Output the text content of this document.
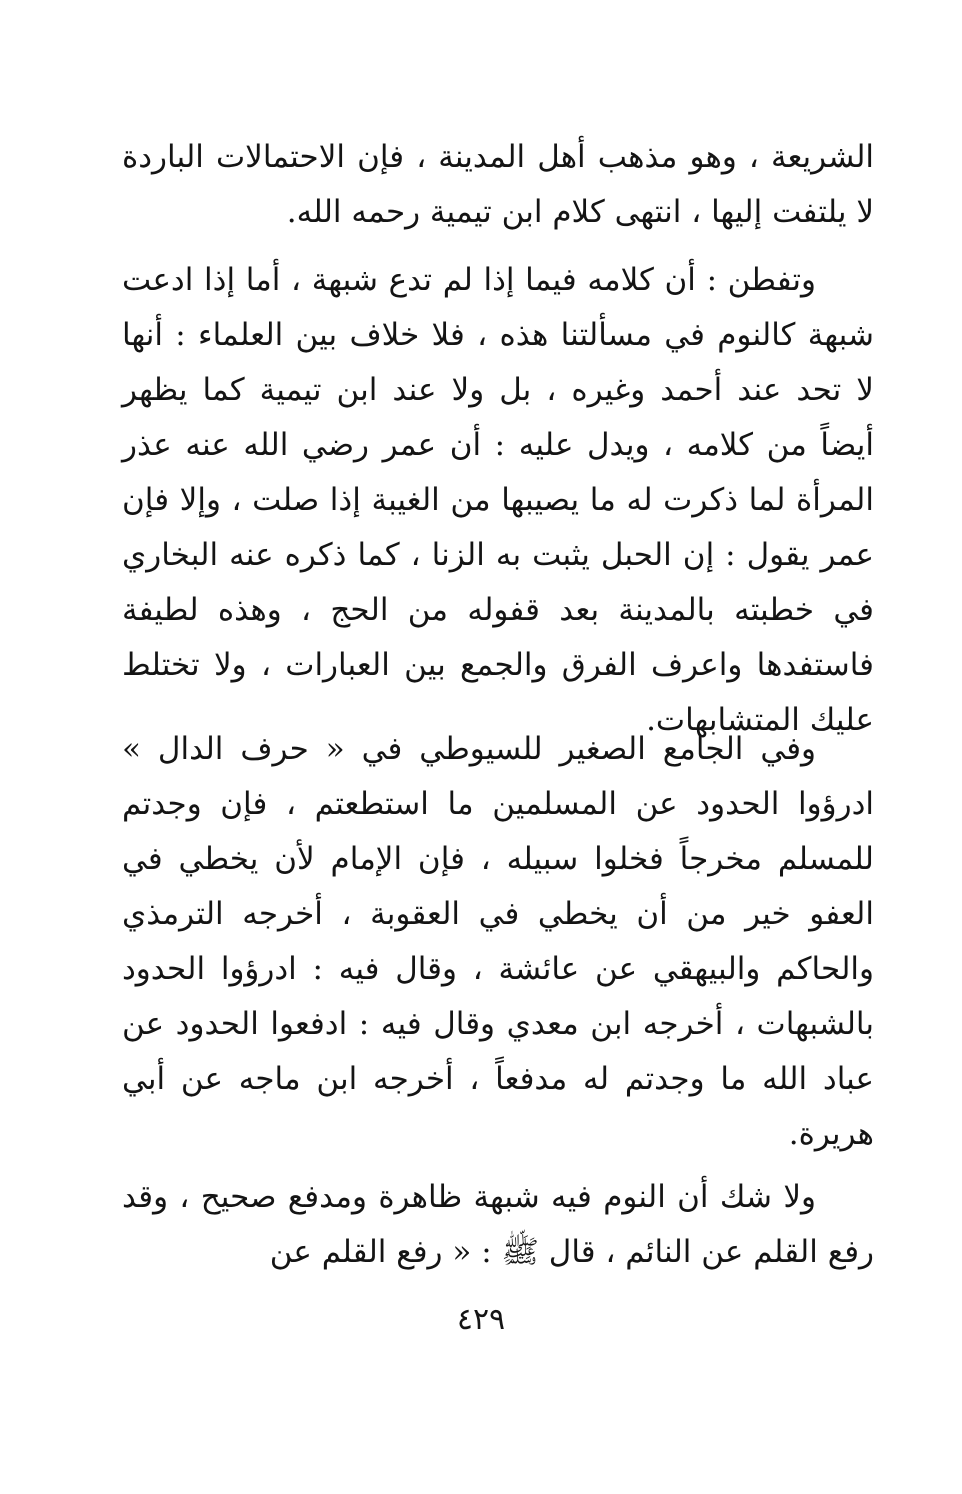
الشريعة ، وهو مذهب أهل المدينة ، فإن الاحتمالات الباردة لا يلتفت إليها ، انتهى كلام ابن تيمية رحمه الله.

وتفطن : أن كلامه فيما إذا لم تدع شبهة ، أما إذا ادعت شبهة كالنوم في مسألتنا هذه ، فلا خلاف بين العلماء : أنها لا تحد عند أحمد وغيره ، بل ولا عند ابن تيمية كما يظهر أيضاً من كلامه ، ويدل عليه : أن عمر رضي الله عنه عذر المرأة لما ذكرت له ما يصيبها من الغيبة إذا صلت ، وإلا فإن عمر يقول : إن الحبل يثبت به الزنا ، كما ذكره عنه البخاري في خطبته بالمدينة بعد قفوله من الحج ، وهذه لطيفة فاستفدها واعرف الفرق والجمع بين العبارات ، ولا تختلط عليك المتشابهات.

وفي الجامع الصغير للسيوطي في « حرف الدال » ادرؤوا الحدود عن المسلمين ما استطعتم ، فإن وجدتم للمسلم مخرجاً فخلوا سبيله ، فإن الإمام لأن يخطي في العفو خير من أن يخطي في العقوبة ، أخرجه الترمذي والحاكم والبيهقي عن عائشة ، وقال فيه : ادرؤوا الحدود بالشبهات ، أخرجه ابن معدي وقال فيه : ادفعوا الحدود عن عباد الله ما وجدتم له مدفعاً ، أخرجه ابن ماجه عن أبي هريرة.

ولا شك أن النوم فيه شبهة ظاهرة ومدفع صحيح ، وقد رفع القلم عن النائم ، قال ﷺ : « رفع القلم عن

٤٢٩
